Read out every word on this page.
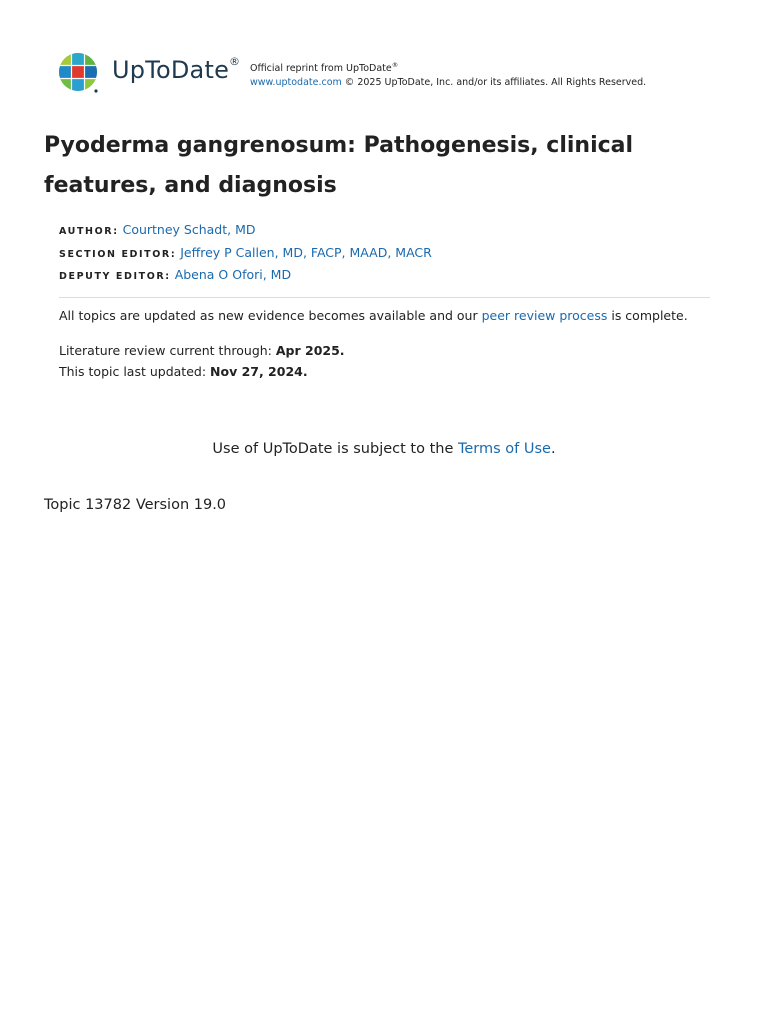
UpToDate®
Official reprint from UpToDate®
www.uptodate.com © 2025 UpToDate, Inc. and/or its affiliates. All Rights Reserved.
Pyoderma gangrenosum: Pathogenesis, clinical features, and diagnosis
AUTHOR: Courtney Schadt, MD
SECTION EDITOR: Jeffrey P Callen, MD, FACP, MAAD, MACR
DEPUTY EDITOR: Abena O Ofori, MD
All topics are updated as new evidence becomes available and our peer review process is complete.
Literature review current through: Apr 2025.
This topic last updated: Nov 27, 2024.
Use of UpToDate is subject to the Terms of Use.
Topic 13782 Version 19.0
